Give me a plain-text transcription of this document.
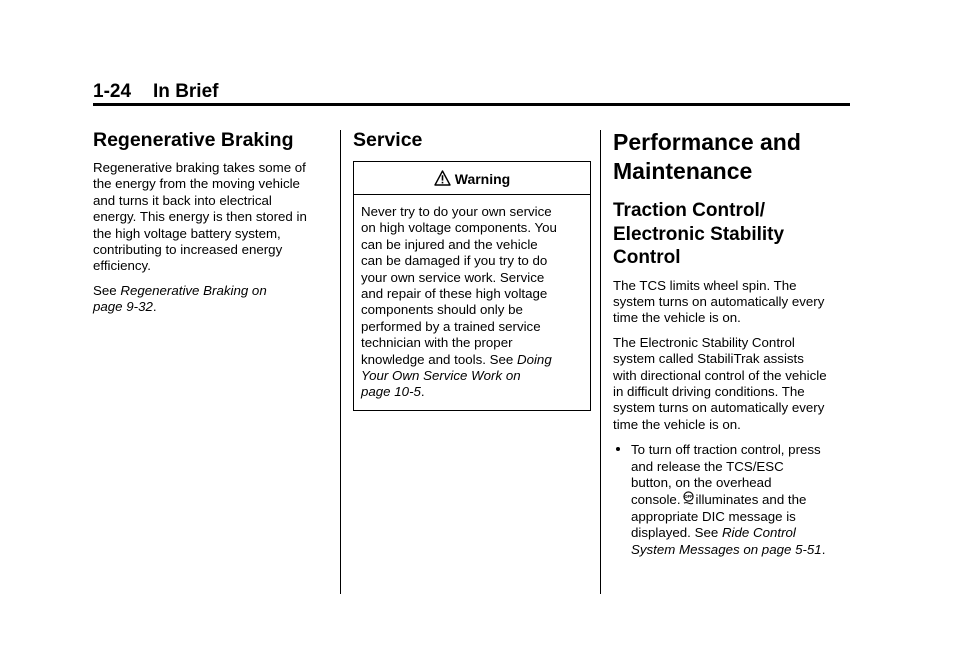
1-24 In Brief
Regenerative Braking

Regenerative braking takes some of
the energy from the moving vehicle
and turns it back into electrical
energy. This energy is then stored in
the high voltage battery system,
contributing to increased energy
efficiency.

See Regenerative Braking on
page 9-32.

Service
Warning

Never try to do your own service
on high voltage components. You
can be injured and the vehicle
can be damaged if you try to do
your own service work. Service
and repair of these high voltage
components should only be
performed by a trained service
technician with the proper
knowledge and tools. See Doing
Your Own Service Work on
page 10-5.

Performance and
Maintenance
Traction Control/
Electronic Stability
Control

The TCS limits wheel spin. The
system turns on automatically every
time the vehicle is on.

The Electronic Stability Control
system called StabiliTrak assists
with directional control of the vehicle
in difficult driving conditions. The
system turns on automatically every
time the vehicle is on.

To turn off traction control, press
and release the TCS/ESC
button, on the overhead
console. OFF illuminates and the
appropriate DIC message is
displayed. See Ride Control
System Messages on page 5-51.
